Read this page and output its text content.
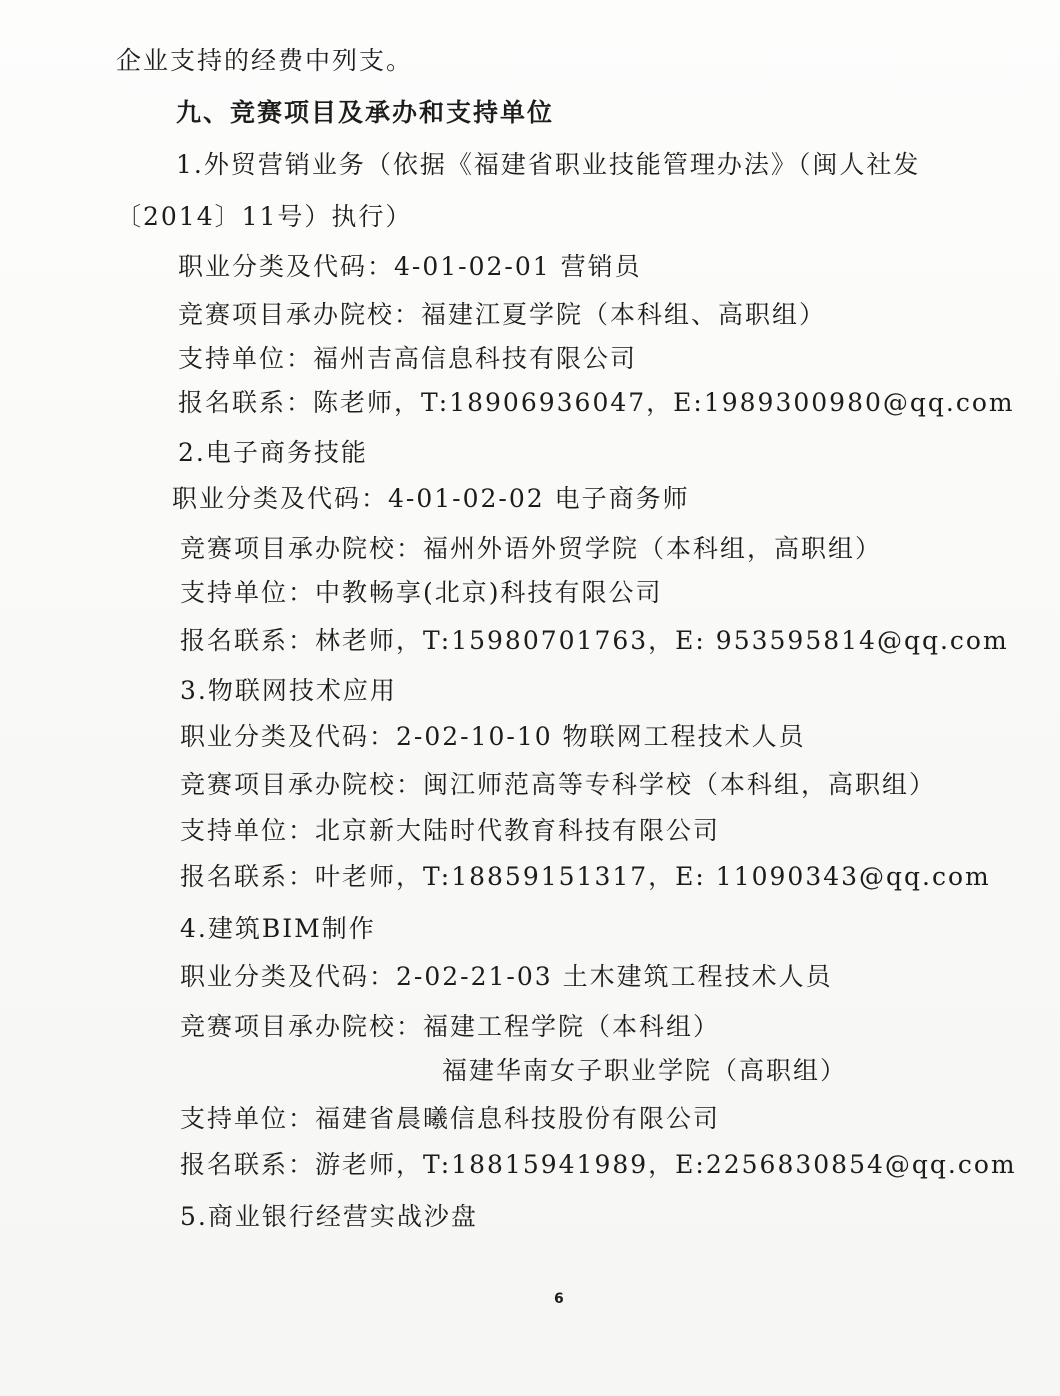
企业支持的经费中列支。
九、竞赛项目及承办和支持单位
1.外贸营销业务（依据《福建省职业技能管理办法》（闽人社发
〔2014〕11号）执行）
职业分类及代码：4-01-02-01 营销员
竞赛项目承办院校：福建江夏学院（本科组、高职组）
支持单位：福州吉高信息科技有限公司
报名联系：陈老师，T:18906936047，E:1989300980@qq.com
2.电子商务技能
职业分类及代码：4-01-02-02 电子商务师
竞赛项目承办院校：福州外语外贸学院（本科组，高职组）
支持单位：中教畅享(北京)科技有限公司
报名联系：林老师，T:15980701763，E: 953595814@qq.com
3.物联网技术应用
职业分类及代码：2-02-10-10 物联网工程技术人员
竞赛项目承办院校：闽江师范高等专科学校（本科组，高职组）
支持单位：北京新大陆时代教育科技有限公司
报名联系：叶老师，T:18859151317，E: 11090343@qq.com
4.建筑BIM制作
职业分类及代码：2-02-21-03 土木建筑工程技术人员
竞赛项目承办院校：福建工程学院（本科组）
福建华南女子职业学院（高职组）
支持单位：福建省晨曦信息科技股份有限公司
报名联系：游老师，T:18815941989，E:2256830854@qq.com
5.商业银行经营实战沙盘
6
